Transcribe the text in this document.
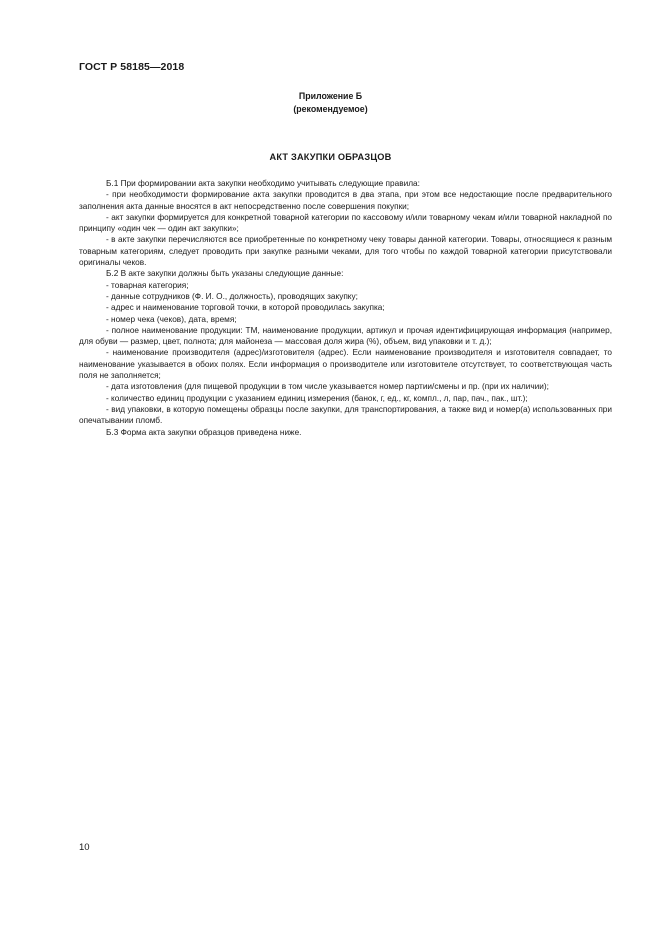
ГОСТ Р 58185—2018
Приложение Б
(рекомендуемое)
АКТ ЗАКУПКИ ОБРАЗЦОВ

Б.1 При формировании акта закупки необходимо учитывать следующие правила:

- при необходимости формирование акта закупки проводится в два этапа, при этом все недостающие после предварительного заполнения акта данные вносятся в акт непосредственно после совершения покупки;

- акт закупки формируется для конкретной товарной категории по кассовому и/или товарному чекам и/или товарной накладной по принципу «один чек — один акт закупки»;

- в акте закупки перечисляются все приобретенные по конкретному чеку товары данной категории. Товары, относящиеся к разным товарным категориям, следует проводить при закупке разными чеками, для того чтобы по каждой товарной категории присутствовали оригиналы чеков.

Б.2 В акте закупки должны быть указаны следующие данные:

- товарная категория;

- данные сотрудников (Ф. И. О., должность), проводящих закупку;

- адрес и наименование торговой точки, в которой проводилась закупка;

- номер чека (чеков), дата, время;

- полное наименование продукции: ТМ, наименование продукции, артикул и прочая идентифицирующая информация (например, для обуви — размер, цвет, полнота; для майонеза — массовая доля жира (%), объем, вид упаковки и т. д.);

- наименование производителя (адрес)/изготовителя (адрес). Если наименование производителя и изготовителя совпадает, то наименование указывается в обоих полях. Если информация о производителе или изготовителе отсутствует, то соответствующая часть поля не заполняется;

- дата изготовления (для пищевой продукции в том числе указывается номер партии/смены и пр. (при их наличии);

- количество единиц продукции с указанием единиц измерения (банок, г, ед., кг, компл., л, пар, пач., пак., шт.);

- вид упаковки, в которую помещены образцы после закупки, для транспортирования, а также вид и номер(а) использованных при опечатывании пломб.

Б.3 Форма акта закупки образцов приведена ниже.

10
